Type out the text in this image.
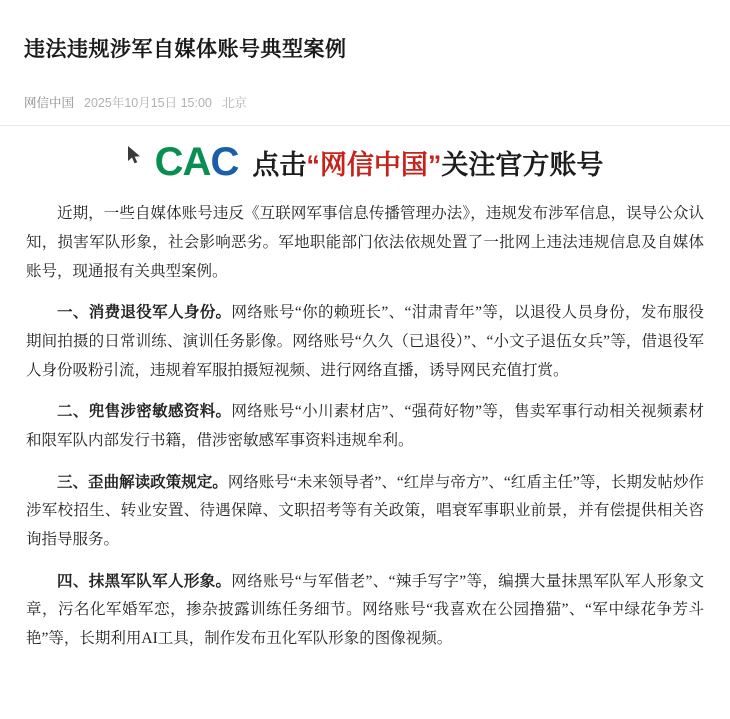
违法违规涉军自媒体账号典型案例
网信中国 2025年10月15日 15:00 北京
C A C 点击“网信中国”关注官方账号

近期，一些自媒体账号违反《互联网军事信息传播管理办法》，违规发布涉军信息，误导公众认知，损害军队形象，社会影响恶劣。军地职能部门依法依规处置了一批网上违法违规信息及自媒体账号，现通报有关典型案例。

一、消费退役军人身份。网络账号“你的赖班长”、“泔肃青年”等，以退役人员身份，发布服役期间拍摄的日常训练、演训任务影像。网络账号“久久（已退役）”、“小文子退伍女兵”等，借退役军人身份吸粉引流，违规着军服拍摄短视频、进行网络直播，诱导网民充值打赏。

二、兜售涉密敏感资料。网络账号“小川素材店”、“强荷好物”等，售卖军事行动相关视频素材和限军队内部发行书籍，借涉密敏感军事资料违规牟利。

三、歪曲解读政策规定。网络账号“未来领导者”、“红岸与帝方”、“红盾主任”等，长期发帖炒作涉军校招生、转业安置、待遇保障、文职招考等有关政策，唱衰军事职业前景，并有偿提供相关咨询指导服务。

四、抹黑军队军人形象。网络账号“与军偕老”、“辣手写字”等，编撰大量抹黑军队军人形象文章，污名化军婚军恋，掺杂披露训练任务细节。网络账号“我喜欢在公园撸猫”、“军中绿花争芳斗艳”等，长期利用AI工具，制作发布丑化军队形象的图像视频。
